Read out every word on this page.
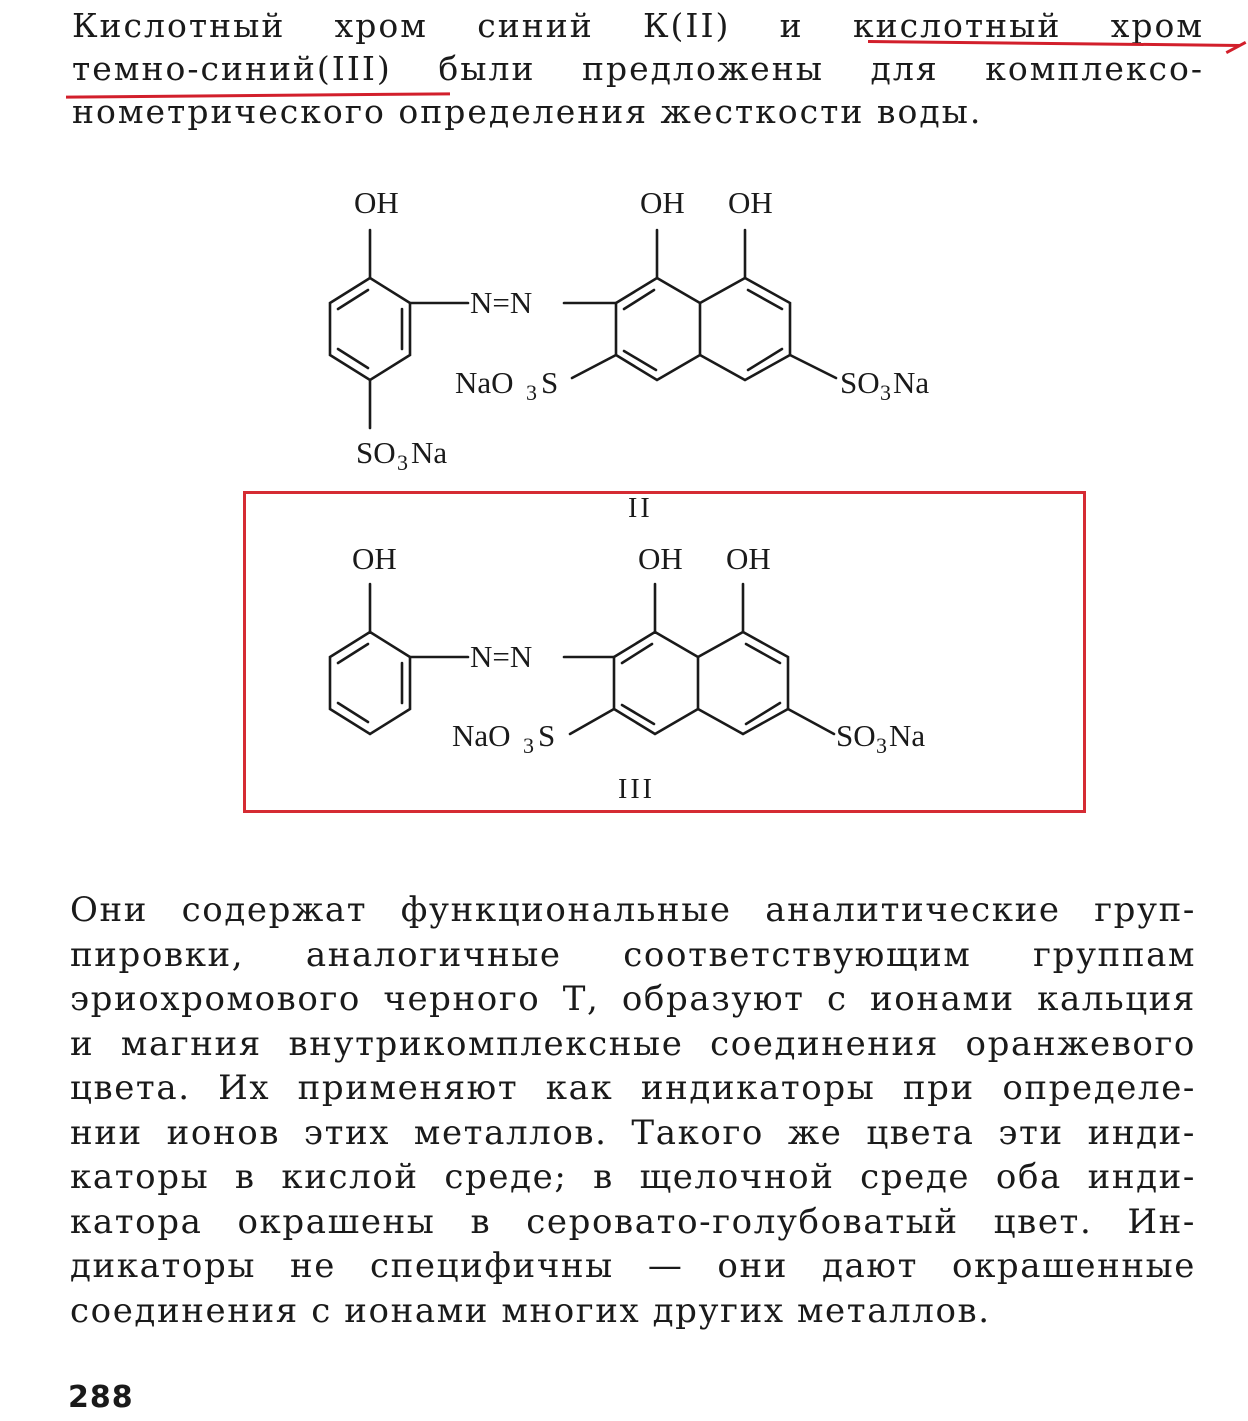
Кислотный хром синий К(II) и кислотный хром
темно-синий(III) были предложены для комплексо-
нометрического определения жесткости воды.
OH	OH OH
N=N
NaO 3 S	SO 3 Na
SO 3 Na
II
OH	OH OH
N=N
NaO 3 S	SO 3 Na
III
Они содержат функциональные аналитические груп-
пировки, аналогичные соответствующим группам
эриохромового черного Т, образуют с ионами кальция
и магния внутрикомплексные соединения оранжевого
цвета. Их применяют как индикаторы при определе-
нии ионов этих металлов. Такого же цвета эти инди-
каторы в кислой среде; в щелочной среде оба инди-
катора окрашены в серовато-голубоватый цвет. Ин-
дикаторы не специфичны — они дают окрашенные
соединения с ионами многих других металлов.
288
